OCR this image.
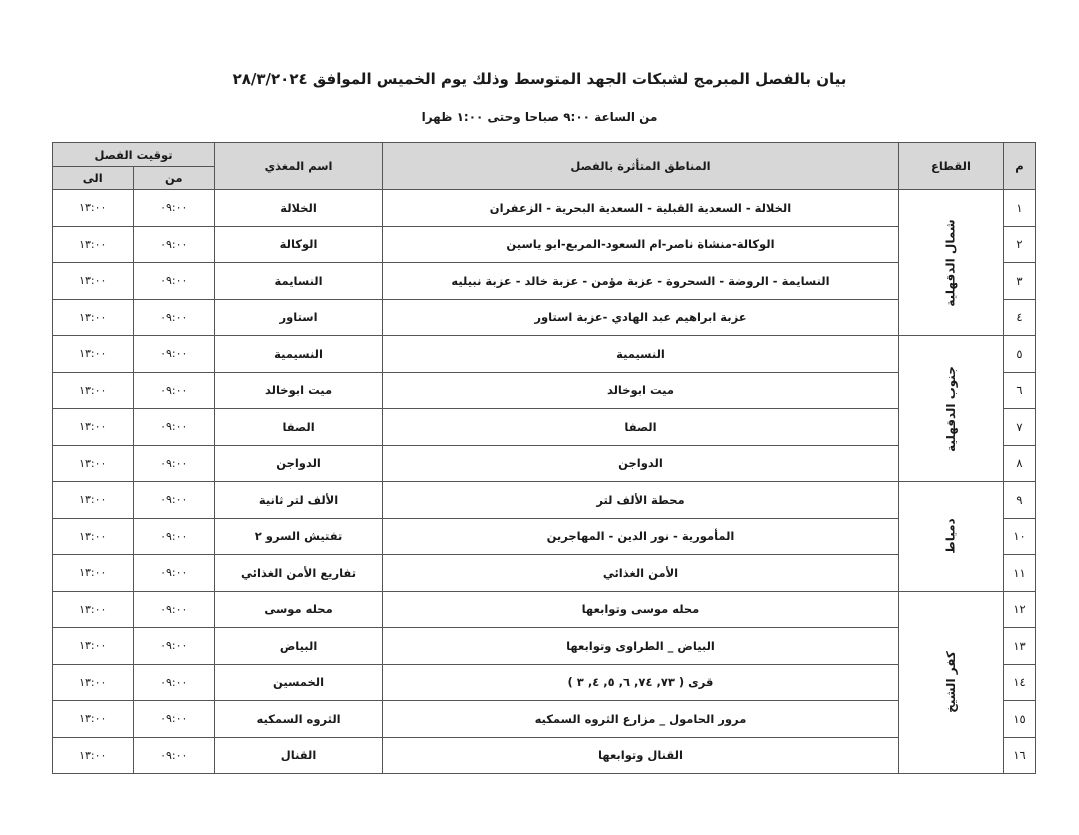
بيان بالفصل المبرمج لشبكات الجهد المتوسط وذلك يوم الخميس الموافق ٢٨/٣/٢٠٢٤
من الساعة ٩:٠٠ صباحا وحتى ١:٠٠ ظهرا
م	القطاع	المناطق المتأثرة بالفصل	اسم المغذي	توقيت الفصل	
				من	الى
١	شمال الدقهلية	الخلالة - السعدية القبلية - السعدية البحرية - الزعفران	الخلالة	٠٩:٠٠	١٣:٠٠
٢		الوكالة-منشاة ناصر-ام السعود-المربع-ابو ياسين	الوكالة	٠٩:٠٠	١٣:٠٠
٣		النسايمة - الروضة - السحروة - عزبة مؤمن - عزبة خالد - عزبة نبيليه	النسايمة	٠٩:٠٠	١٣:٠٠
٤		عزبة ابراهيم عبد الهادي -عزبة استاور	استاور	٠٩:٠٠	١٣:٠٠
٥	جنوب الدقهلية	النسيمية	النسيمية	٠٩:٠٠	١٣:٠٠
٦		ميت ابوخالد	ميت ابوخالد	٠٩:٠٠	١٣:٠٠
٧		الصفا	الصفا	٠٩:٠٠	١٣:٠٠
٨		الدواجن	الدواجن	٠٩:٠٠	١٣:٠٠
٩	دمياط	محطة الألف لتر	الألف لتر ثانية	٠٩:٠٠	١٣:٠٠
١٠		المأمورية - نور الدين - المهاجرين	تفتيش السرو ٢	٠٩:٠٠	١٣:٠٠
١١		الأمن الغذائي	تفاريع الأمن الغذائي	٠٩:٠٠	١٣:٠٠
١٢	كفر الشيخ	محله موسى وتوابعها	محله موسى	٠٩:٠٠	١٣:٠٠
١٣		البياض _ الطراوى وتوابعها	البياض	٠٩:٠٠	١٣:٠٠
١٤		قرى ( ٧٣, ٧٤, ٦, ٥, ٤, ٣ )	الخمسين	٠٩:٠٠	١٣:٠٠
١٥		مرور الحامول _ مزارع الثروه السمكيه	الثروه السمكيه	٠٩:٠٠	١٣:٠٠
١٦		القنال وتوابعها	القنال	٠٩:٠٠	١٣:٠٠
